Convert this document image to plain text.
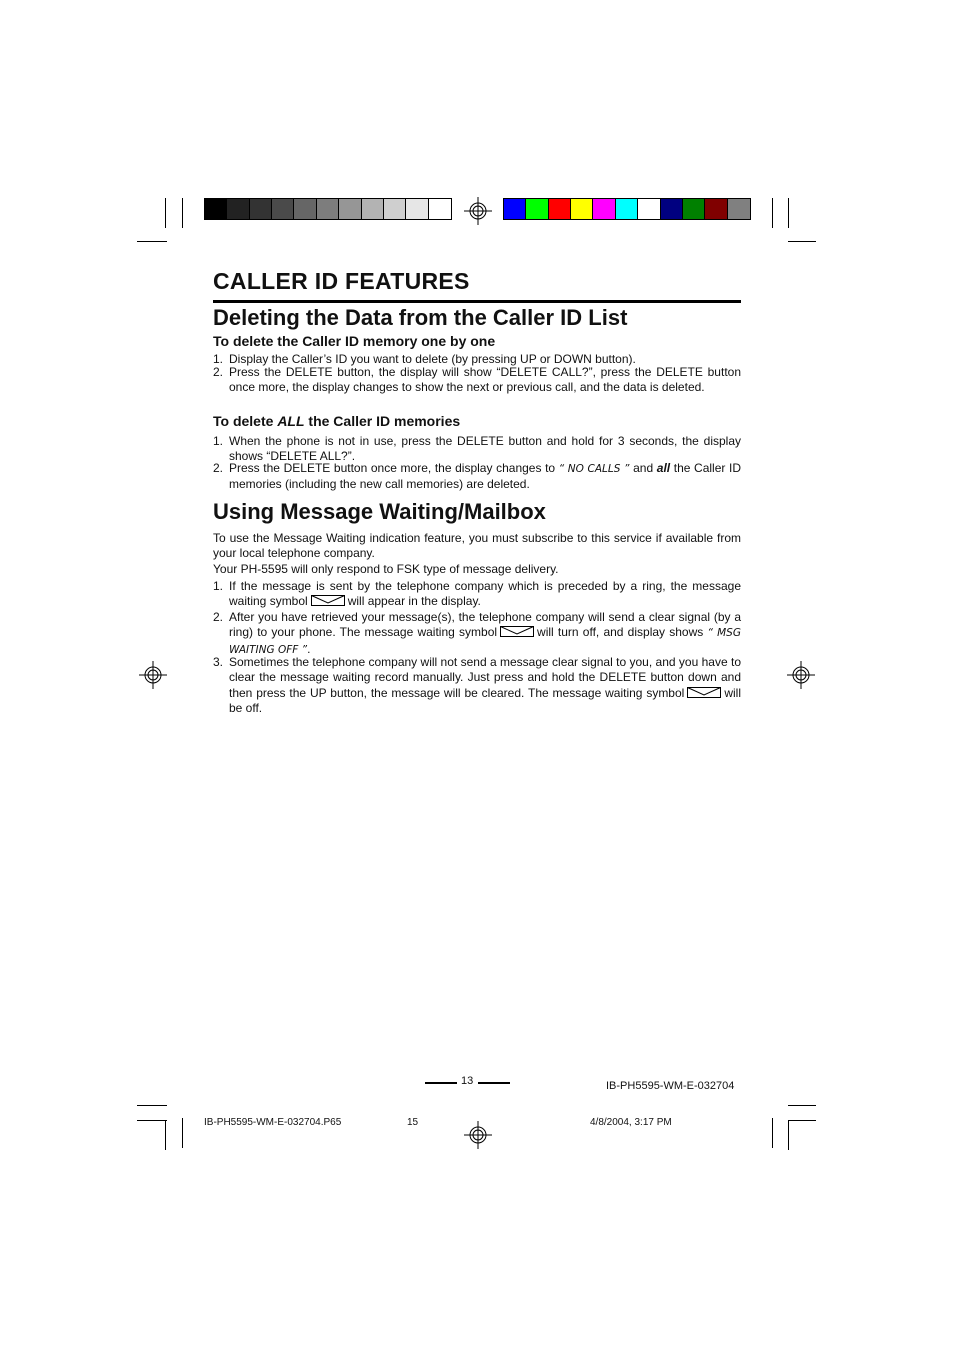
CALLER ID FEATURES
Deleting the Data from the Caller ID List
To delete the Caller ID memory one by one
1. Display the Caller’s ID you want to delete (by pressing UP or DOWN button).
2. Press the DELETE button, the display will show “DELETE CALL?”, press the DELETE button once more, the display changes to show the next or previous call, and the data is deleted.
To delete ALL the Caller ID memories
1. When the phone is not in use, press the DELETE button and hold for 3 seconds, the display shows “DELETE ALL?”.
2. Press the DELETE button once more, the display changes to “ NO CALLS ” and all the Caller ID memories (including the new call memories) are deleted.
Using Message Waiting/Mailbox
To use the Message Waiting indication feature, you must subscribe to this service if available from your local telephone company.
Your PH-5595 will only respond to FSK type of message delivery.
1. If the message is sent by the telephone company which is preceded by a ring, the message waiting symbol	will appear in the display.
2. After you have retrieved your message(s), the telephone company will send a clear signal (by a ring) to your phone. The message waiting symbol	will turn off, and display shows “ MSG WAITING OFF ”.
3. Sometimes the telephone company will not send a message clear signal to you, and you have to clear the message waiting record manually. Just press and hold the DELETE button down and then press the UP button, the message will be cleared. The message waiting symbol	will be off.
13	IB-PH5595-WM-E-032704
IB-PH5595-WM-E-032704.P65	15	4/8/2004, 3:17 PM
